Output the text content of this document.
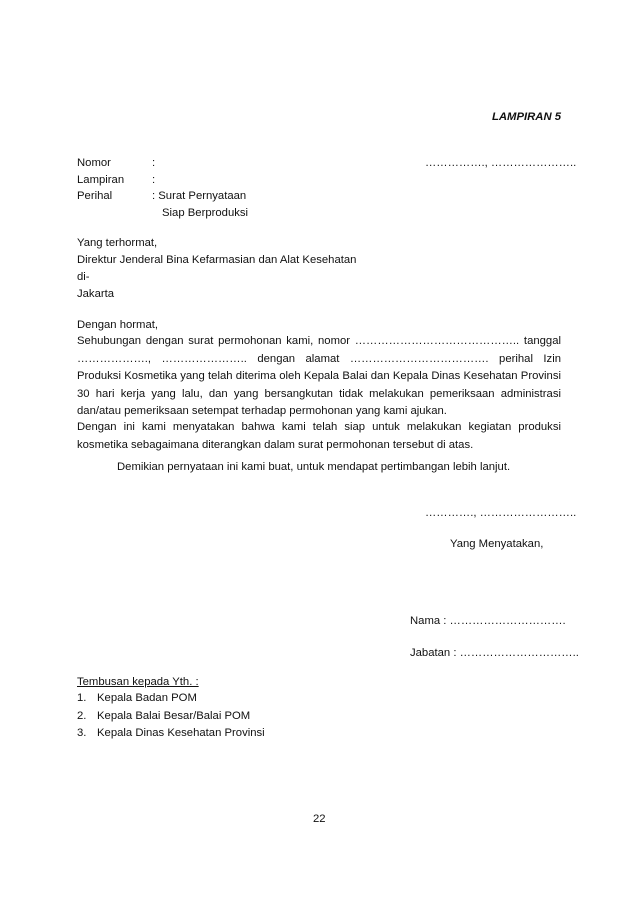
LAMPIRAN 5
Nomor	:	……………., …………………..
Lampiran :
Perihal	: Surat Pernyataan
Siap Berproduksi
Yang terhormat,
Direktur Jenderal Bina Kefarmasian dan Alat Kesehatan
di-
Jakarta
Dengan hormat,

Sehubungan dengan surat permohonan kami, nomor …………………………………….. tanggal ………………., ………………….. dengan alamat ………………………………. perihal Izin Produksi Kosmetika yang telah diterima oleh Kepala Balai dan Kepala Dinas Kesehatan Provinsi 30 hari kerja yang lalu, dan yang bersangkutan tidak melakukan pemeriksaan administrasi dan/atau pemeriksaan setempat terhadap permohonan yang kami ajukan.

Dengan ini kami menyatakan bahwa kami telah siap untuk melakukan kegiatan produksi kosmetika sebagaimana diterangkan dalam surat permohonan tersebut di atas.

Demikian pernyataan ini kami buat, untuk mendapat pertimbangan lebih lanjut.
…………., ……………………..
Yang Menyatakan,
Nama : ………………………….
Jabatan : …………………………..
Tembusan kepada Yth. :
1. Kepala Badan POM
2. Kepala Balai Besar/Balai POM
3. Kepala Dinas Kesehatan Provinsi
22
